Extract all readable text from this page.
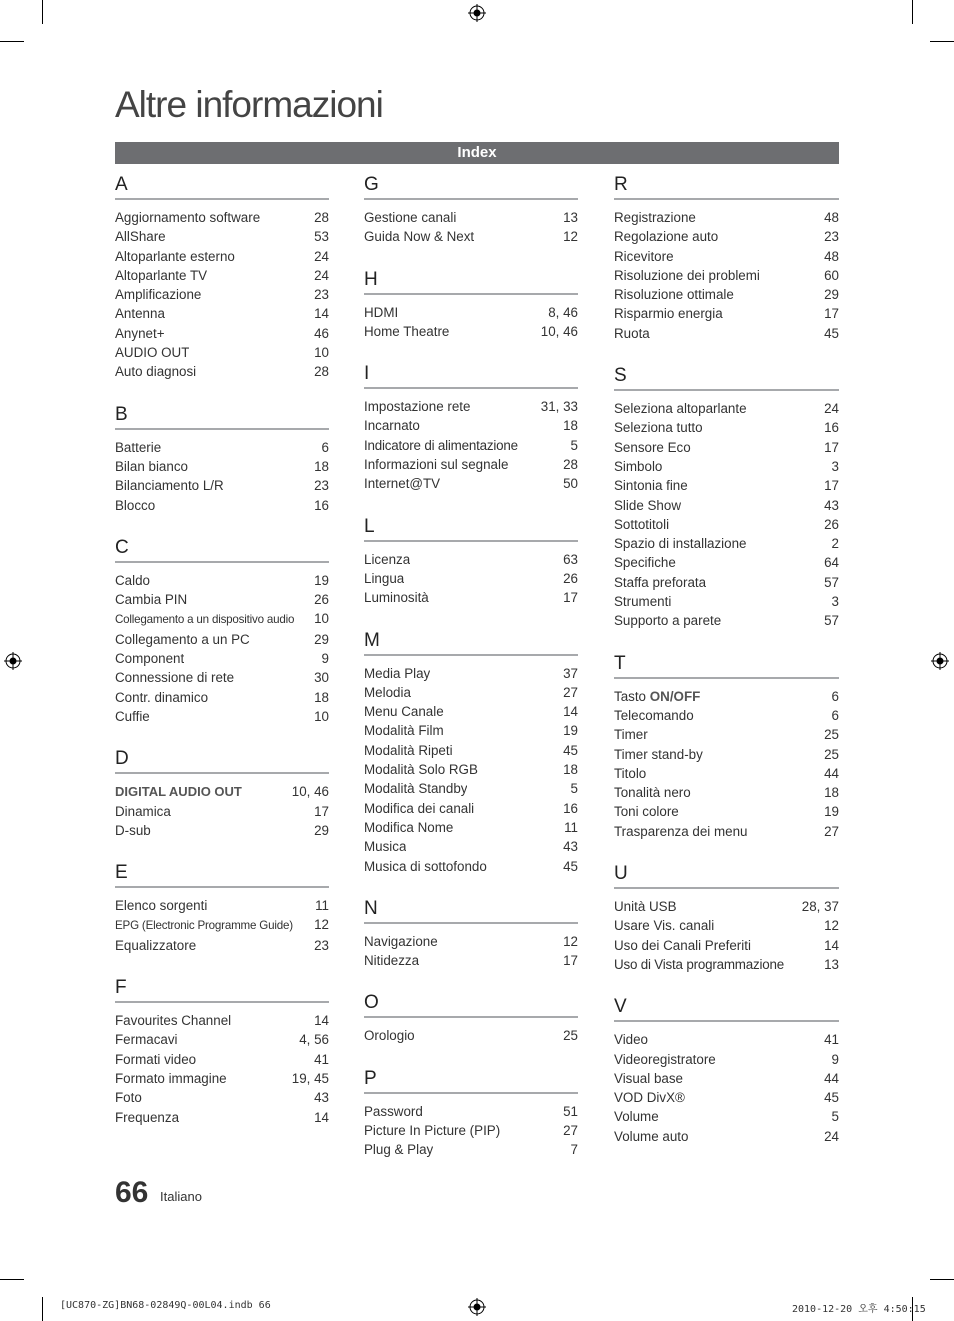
Altre informazioni
Index
A
Aggiornamento software	28
AllShare	53
Altoparlante esterno	24
Altoparlante TV	24
Amplificazione	23
Antenna	14
Anynet+	46
AUDIO OUT	10
Auto diagnosi	28
B
Batterie	6
Bilan bianco	18
Bilanciamento L/R	23
Blocco	16
C
Caldo	19
Cambia PIN	26
Collegamento a un dispositivo audio	10
Collegamento a un PC	29
Component	9
Connessione di rete	30
Contr. dinamico	18
Cuffie	10
D
DIGITAL AUDIO OUT	10, 46
Dinamica	17
D-sub	29
E
Elenco sorgenti	11
EPG (Electronic Programme Guide)	12
Equalizzatore	23
F
Favourites Channel	14
Fermacavi	4, 56
Formati video	41
Formato immagine	19, 45
Foto	43
Frequenza	14
G
Gestione canali	13
Guida Now & Next	12
H
HDMI	8, 46
Home Theatre	10, 46
I
Impostazione rete	31, 33
Incarnato	18
Indicatore di alimentazione	5
Informazioni sul segnale	28
Internet@TV	50
L
Licenza	63
Lingua	26
Luminosità	17
M
Media Play	37
Melodia	27
Menu Canale	14
Modalità Film	19
Modalità Ripeti	45
Modalità Solo RGB	18
Modalità Standby	5
Modifica dei canali	16
Modifica Nome	11
Musica	43
Musica di sottofondo	45
N
Navigazione	12
Nitidezza	17
O
Orologio	25
P
Password	51
Picture In Picture (PIP)	27
Plug & Play	7
R
Registrazione	48
Regolazione auto	23
Ricevitore	48
Risoluzione dei problemi	60
Risoluzione ottimale	29
Risparmio energia	17
Ruota	45
S
Seleziona altoparlante	24
Seleziona tutto	16
Sensore Eco	17
Simbolo	3
Sintonia fine	17
Slide Show	43
Sottotitoli	26
Spazio di installazione	2
Specifiche	64
Staffa preforata	57
Strumenti	3
Supporto a parete	57
T
Tasto ON/OFF	6
Telecomando	6
Timer	25
Timer stand-by	25
Titolo	44
Tonalità nero	18
Toni colore	19
Trasparenza dei menu	27
U
Unità USB	28, 37
Usare Vis. canali	12
Uso dei Canali Preferiti	14
Uso di Vista programmazione	13
V
Video	41
Videoregistratore	9
Visual base	44
VOD DivX®	45
Volume	5
Volume auto	24
66 Italiano
[UC870-ZG]BN68-02849Q-00L04.indb 66	2010-12-20 오후 4:50:15
